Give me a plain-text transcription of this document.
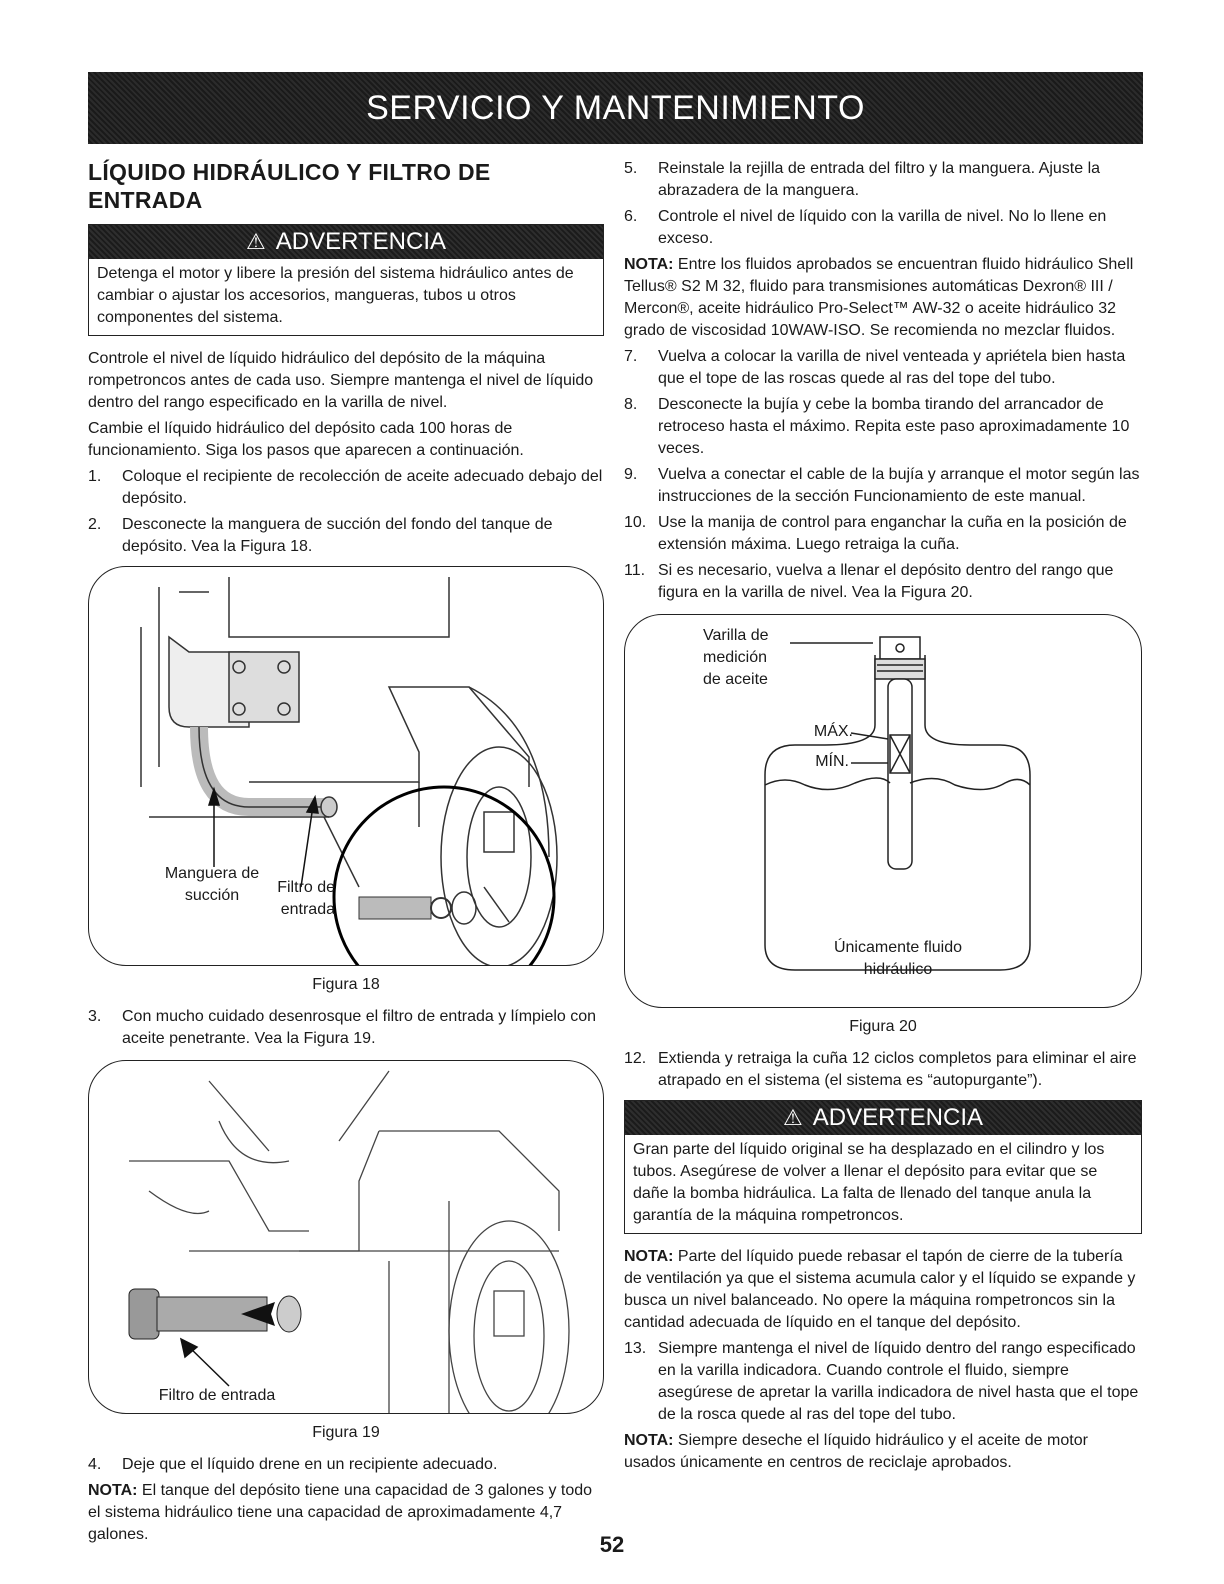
SERVICIO Y MANTENIMIENTO
LÍQUIDO HIDRÁULICO Y FILTRO DE ENTRADA
⚠ ADVERTENCIA
Detenga el motor y libere la presión del sistema hidráulico antes de cambiar o ajustar los accesorios, mangueras, tubos u otros componentes del sistema.

Controle el nivel de líquido hidráulico del depósito de la máquina rompetroncos antes de cada uso. Siempre mantenga el nivel de líquido dentro del rango especificado en la varilla de nivel.

Cambie el líquido hidráulico del depósito cada 100 horas de funcionamiento. Siga los pasos que aparecen a continuación.

1.	Coloque el recipiente de recolección de aceite adecuado debajo del depósito.
2.	Desconecte la manguera de succión del fondo del tanque de depósito. Vea la Figura 18.
Manguera de succión	Filtro de entrada
Figura 18
3.	Con mucho cuidado desenrosque el filtro de entrada y límpielo con aceite penetrante. Vea la Figura 19.
Filtro de entrada
Figura 19
4.	Deje que el líquido drene en un recipiente adecuado.

NOTA: El tanque del depósito tiene una capacidad de 3 galones y todo el sistema hidráulico tiene una capacidad de aproximadamente 4,7 galones.

5.	Reinstale la rejilla de entrada del filtro y la manguera. Ajuste la abrazadera de la manguera.
6.	Controle el nivel de líquido con la varilla de nivel. No lo llene en exceso.

NOTA: Entre los fluidos aprobados se encuentran fluido hidráulico Shell Tellus® S2 M 32, fluido para transmisiones automáticas Dexron® III / Mercon®, aceite hidráulico Pro-Select™ AW-32 o aceite hidráulico 32 grado de viscosidad 10WAW-ISO. Se recomienda no mezclar fluidos.

7.	Vuelva a colocar la varilla de nivel venteada y apriétela bien hasta que el tope de las roscas quede al ras del tope del tubo.
8.	Desconecte la bujía y cebe la bomba tirando del arrancador de retroceso hasta el máximo. Repita este paso aproximadamente 10 veces.
9.	Vuelva a conectar el cable de la bujía y arranque el motor según las instrucciones de la sección Funcionamiento de este manual.
10. Use la manija de control para enganchar la cuña en la posición de extensión máxima. Luego retraiga la cuña.
11. Si es necesario, vuelva a llenar el depósito dentro del rango que figura en la varilla de nivel. Vea la Figura 20.
Varilla de medición de aceite
MÁX.
MÍN.
Únicamente fluido hidráulico
Figura 20
12. Extienda y retraiga la cuña 12 ciclos completos para eliminar el aire atrapado en el sistema (el sistema es “autopurgante”).
⚠ ADVERTENCIA
Gran parte del líquido original se ha desplazado en el cilindro y los tubos. Asegúrese de volver a llenar el depósito para evitar que se dañe la bomba hidráulica. La falta de llenado del tanque anula la garantía de la máquina rompetroncos.

NOTA: Parte del líquido puede rebasar el tapón de cierre de la tubería de ventilación ya que el sistema acumula calor y el líquido se expande y busca un nivel balanceado. No opere la máquina rompetroncos sin la cantidad adecuada de líquido en el tanque del depósito.

13. Siempre mantenga el nivel de líquido dentro del rango especificado en la varilla indicadora. Cuando controle el fluido, siempre asegúrese de apretar la varilla indicadora de nivel hasta que el tope de la rosca quede al ras del tope del tubo.

NOTA: Siempre deseche el líquido hidráulico y el aceite de motor usados únicamente en centros de reciclaje aprobados.

52
